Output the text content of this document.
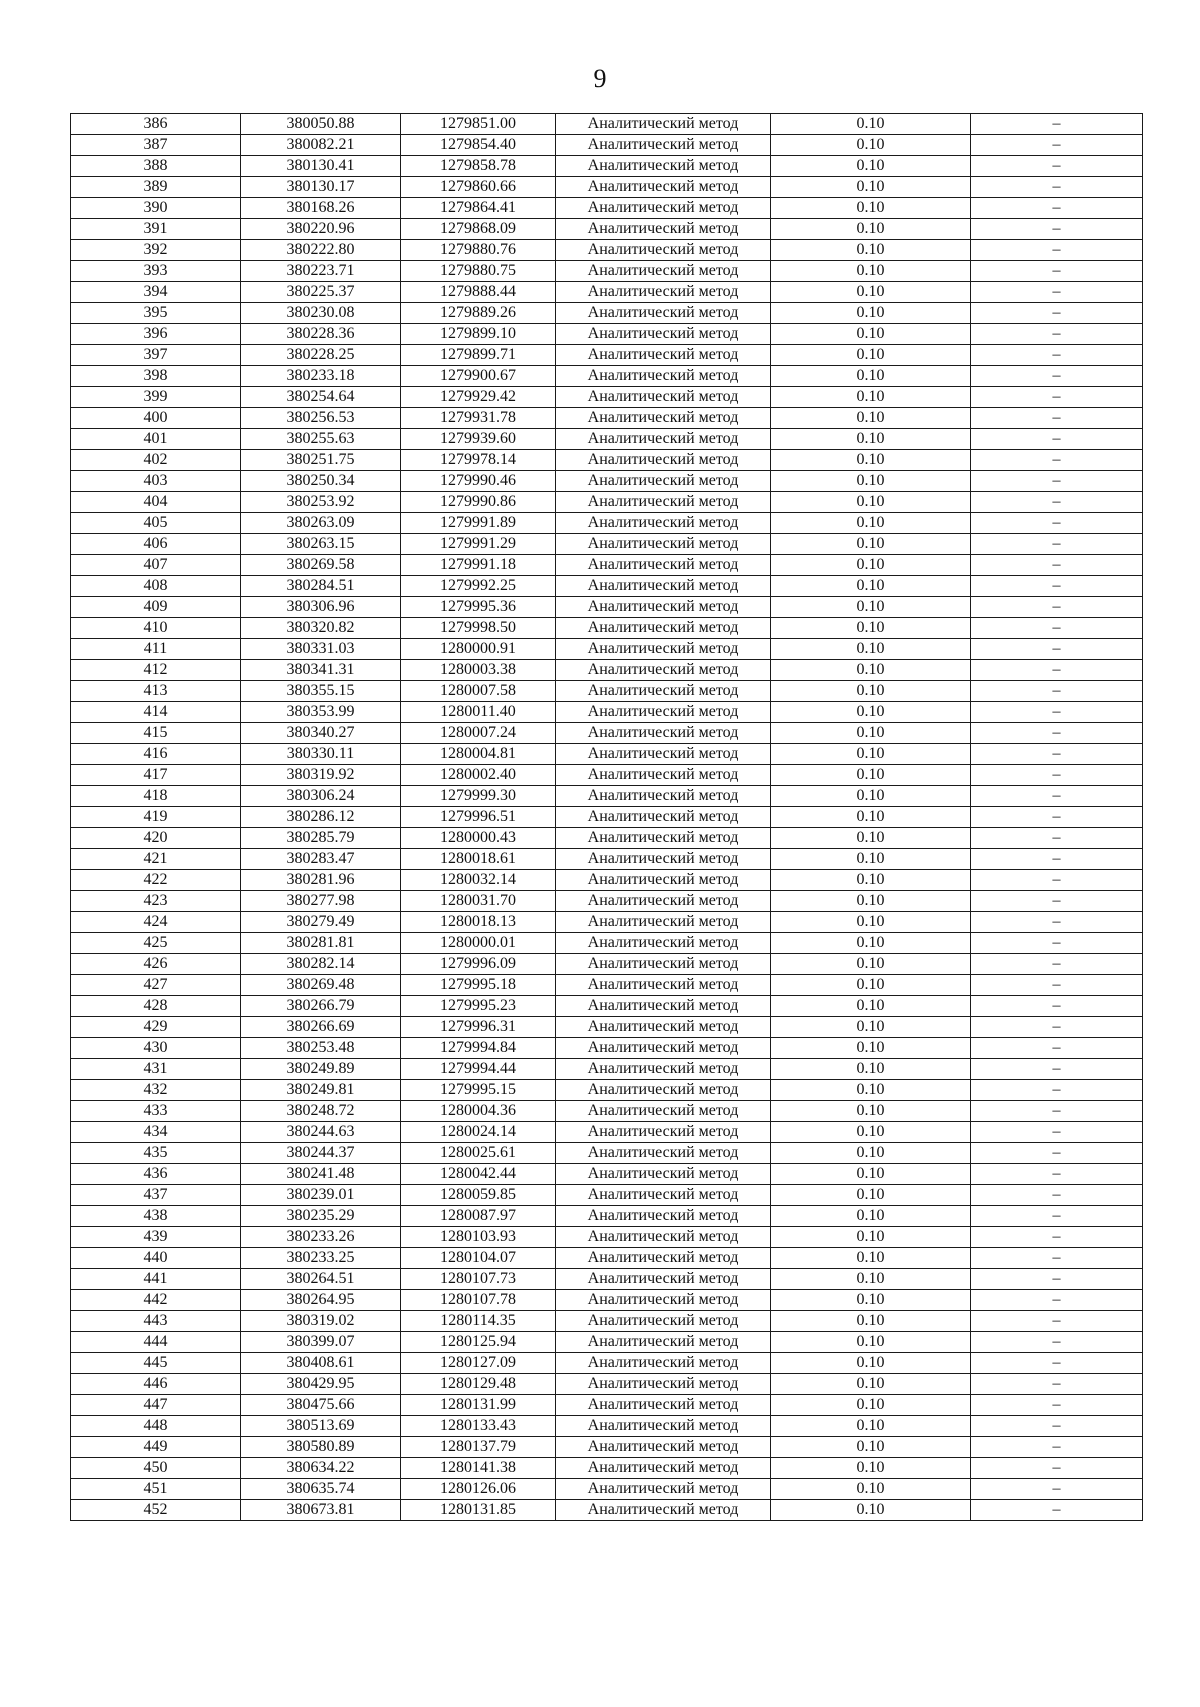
9
386	380050.88	1279851.00	Аналитический метод	0.10	–
387	380082.21	1279854.40	Аналитический метод	0.10	–
388	380130.41	1279858.78	Аналитический метод	0.10	–
389	380130.17	1279860.66	Аналитический метод	0.10	–
390	380168.26	1279864.41	Аналитический метод	0.10	–
391	380220.96	1279868.09	Аналитический метод	0.10	–
392	380222.80	1279880.76	Аналитический метод	0.10	–
393	380223.71	1279880.75	Аналитический метод	0.10	–
394	380225.37	1279888.44	Аналитический метод	0.10	–
395	380230.08	1279889.26	Аналитический метод	0.10	–
396	380228.36	1279899.10	Аналитический метод	0.10	–
397	380228.25	1279899.71	Аналитический метод	0.10	–
398	380233.18	1279900.67	Аналитический метод	0.10	–
399	380254.64	1279929.42	Аналитический метод	0.10	–
400	380256.53	1279931.78	Аналитический метод	0.10	–
401	380255.63	1279939.60	Аналитический метод	0.10	–
402	380251.75	1279978.14	Аналитический метод	0.10	–
403	380250.34	1279990.46	Аналитический метод	0.10	–
404	380253.92	1279990.86	Аналитический метод	0.10	–
405	380263.09	1279991.89	Аналитический метод	0.10	–
406	380263.15	1279991.29	Аналитический метод	0.10	–
407	380269.58	1279991.18	Аналитический метод	0.10	–
408	380284.51	1279992.25	Аналитический метод	0.10	–
409	380306.96	1279995.36	Аналитический метод	0.10	–
410	380320.82	1279998.50	Аналитический метод	0.10	–
411	380331.03	1280000.91	Аналитический метод	0.10	–
412	380341.31	1280003.38	Аналитический метод	0.10	–
413	380355.15	1280007.58	Аналитический метод	0.10	–
414	380353.99	1280011.40	Аналитический метод	0.10	–
415	380340.27	1280007.24	Аналитический метод	0.10	–
416	380330.11	1280004.81	Аналитический метод	0.10	–
417	380319.92	1280002.40	Аналитический метод	0.10	–
418	380306.24	1279999.30	Аналитический метод	0.10	–
419	380286.12	1279996.51	Аналитический метод	0.10	–
420	380285.79	1280000.43	Аналитический метод	0.10	–
421	380283.47	1280018.61	Аналитический метод	0.10	–
422	380281.96	1280032.14	Аналитический метод	0.10	–
423	380277.98	1280031.70	Аналитический метод	0.10	–
424	380279.49	1280018.13	Аналитический метод	0.10	–
425	380281.81	1280000.01	Аналитический метод	0.10	–
426	380282.14	1279996.09	Аналитический метод	0.10	–
427	380269.48	1279995.18	Аналитический метод	0.10	–
428	380266.79	1279995.23	Аналитический метод	0.10	–
429	380266.69	1279996.31	Аналитический метод	0.10	–
430	380253.48	1279994.84	Аналитический метод	0.10	–
431	380249.89	1279994.44	Аналитический метод	0.10	–
432	380249.81	1279995.15	Аналитический метод	0.10	–
433	380248.72	1280004.36	Аналитический метод	0.10	–
434	380244.63	1280024.14	Аналитический метод	0.10	–
435	380244.37	1280025.61	Аналитический метод	0.10	–
436	380241.48	1280042.44	Аналитический метод	0.10	–
437	380239.01	1280059.85	Аналитический метод	0.10	–
438	380235.29	1280087.97	Аналитический метод	0.10	–
439	380233.26	1280103.93	Аналитический метод	0.10	–
440	380233.25	1280104.07	Аналитический метод	0.10	–
441	380264.51	1280107.73	Аналитический метод	0.10	–
442	380264.95	1280107.78	Аналитический метод	0.10	–
443	380319.02	1280114.35	Аналитический метод	0.10	–
444	380399.07	1280125.94	Аналитический метод	0.10	–
445	380408.61	1280127.09	Аналитический метод	0.10	–
446	380429.95	1280129.48	Аналитический метод	0.10	–
447	380475.66	1280131.99	Аналитический метод	0.10	–
448	380513.69	1280133.43	Аналитический метод	0.10	–
449	380580.89	1280137.79	Аналитический метод	0.10	–
450	380634.22	1280141.38	Аналитический метод	0.10	–
451	380635.74	1280126.06	Аналитический метод	0.10	–
452	380673.81	1280131.85	Аналитический метод	0.10	–
